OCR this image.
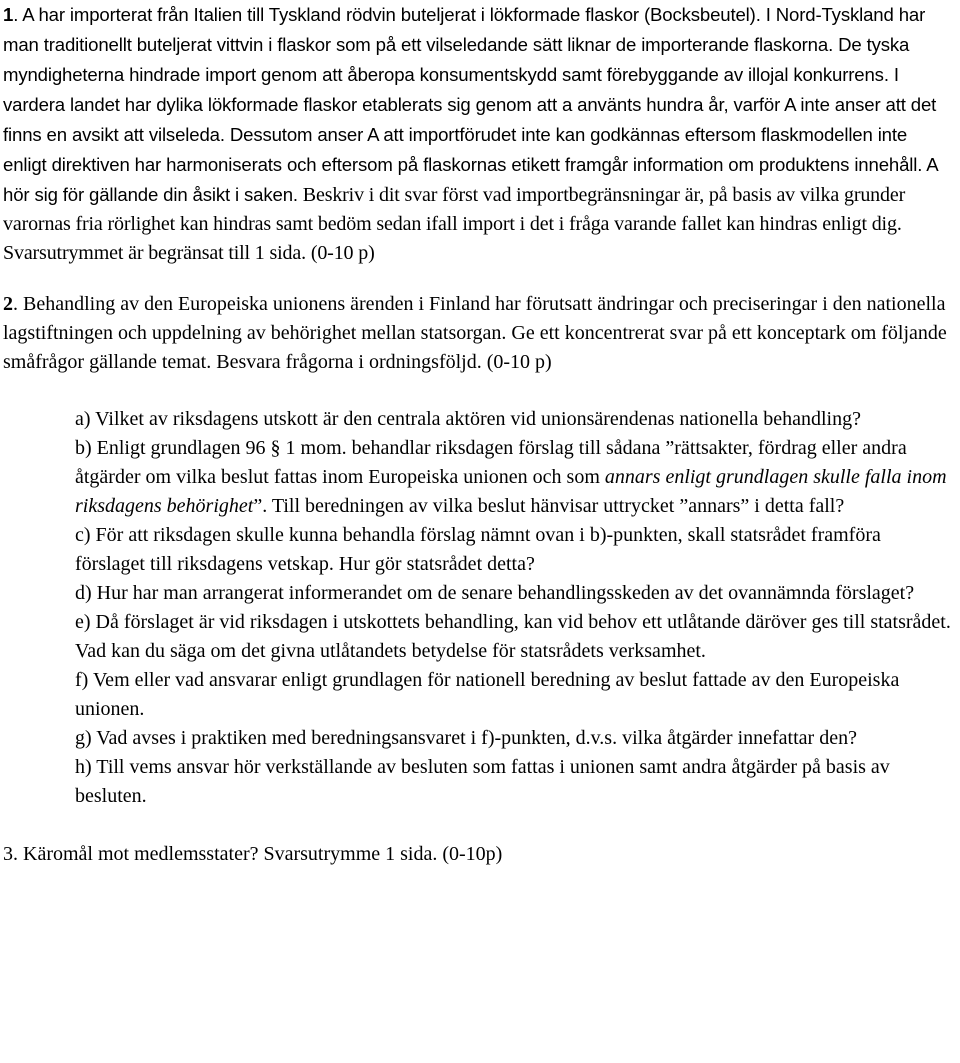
1. A har importerat från Italien till Tyskland rödvin buteljerat i lökformade flaskor (Bocksbeutel). I Nord-Tyskland har man traditionellt buteljerat vittvin i flaskor som på ett vilseledande sätt liknar de importerande flaskorna. De tyska myndigheterna hindrade import genom att åberopa konsumentskydd samt förebyggande av illojal konkurrens. I vardera landet har dylika lökformade flaskor etablerats sig genom att a använts hundra år, varför A inte anser att det finns en avsikt att vilseleda. Dessutom anser A att importförudet inte kan godkännas eftersom flaskmodellen inte enligt direktiven har harmoniserats och eftersom på flaskornas etikett framgår information om produktens innehåll. A hör sig för gällande din åsikt i saken. Beskriv i dit svar först vad importbegränsningar är, på basis av vilka grunder varornas fria rörlighet kan hindras samt bedöm sedan ifall import i det i fråga varande fallet kan hindras enligt dig. Svarsutrymmet är begränsat till 1 sida. (0-10 p)

2. Behandling av den Europeiska unionens ärenden i Finland har förutsatt ändringar och preciseringar i den nationella lagstiftningen och uppdelning av behörighet mellan statsorgan. Ge ett koncentrerat svar på ett konceptark om följande småfrågor gällande temat. Besvara frågorna i ordningsföljd. (0-10 p)

a) Vilket av riksdagens utskott är den centrala aktören vid unionsärendenas nationella behandling?

b) Enligt grundlagen 96 § 1 mom. behandlar riksdagen förslag till sådana ”rättsakter, fördrag eller andra åtgärder om vilka beslut fattas inom Europeiska unionen och som annars enligt grundlagen skulle falla inom riksdagens behörighet”. Till beredningen av vilka beslut hänvisar uttrycket ”annars” i detta fall?

c) För att riksdagen skulle kunna behandla förslag nämnt ovan i b)-punkten, skall statsrådet framföra förslaget till riksdagens vetskap. Hur gör statsrådet detta?

d) Hur har man arrangerat informerandet om de senare behandlingsskeden av det ovannämnda förslaget?

e) Då förslaget är vid riksdagen i utskottets behandling, kan vid behov ett utlåtande däröver ges till statsrådet. Vad kan du säga om det givna utlåtandets betydelse för statsrådets verksamhet.

f) Vem eller vad ansvarar enligt grundlagen för nationell beredning av beslut fattade av den Europeiska unionen.

g) Vad avses i praktiken med beredningsansvaret i f)-punkten, d.v.s. vilka åtgärder innefattar den?

h) Till vems ansvar hör verkställande av besluten som fattas i unionen samt andra åtgärder på basis av besluten.

3. Käromål mot medlemsstater? Svarsutrymme 1 sida. (0-10p)
